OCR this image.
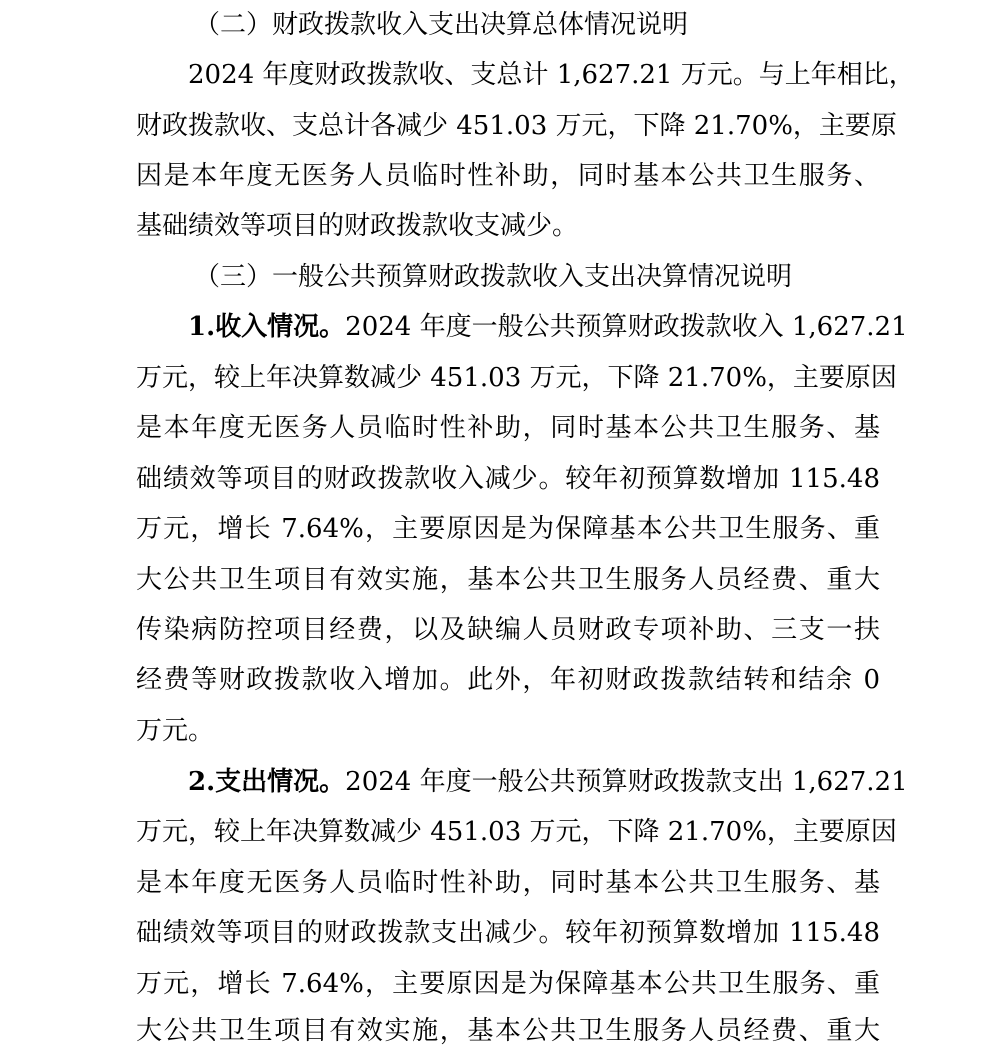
（二）财政拨款收入支出决算总体情况说明
2024 年度财政拨款收、支总计 1,627.21 万元。与上年相比，
财政拨款收、支总计各减少 451.03 万元，下降 21.70%，主要原
因是本年度无医务人员临时性补助，同时基本公共卫生服务、
基础绩效等项目的财政拨款收支减少。
（三）一般公共预算财政拨款收入支出决算情况说明
1.收入情况。2024 年度一般公共预算财政拨款收入 1,627.21
万元，较上年决算数减少 451.03 万元，下降 21.70%，主要原因
是本年度无医务人员临时性补助，同时基本公共卫生服务、基
础绩效等项目的财政拨款收入减少。较年初预算数增加 115.48
万元，增长 7.64%，主要原因是为保障基本公共卫生服务、重
大公共卫生项目有效实施，基本公共卫生服务人员经费、重大
传染病防控项目经费，以及缺编人员财政专项补助、三支一扶
经费等财政拨款收入增加。此外，年初财政拨款结转和结余 0
万元。
2.支出情况。2024 年度一般公共预算财政拨款支出 1,627.21
万元，较上年决算数减少 451.03 万元，下降 21.70%，主要原因
是本年度无医务人员临时性补助，同时基本公共卫生服务、基
础绩效等项目的财政拨款支出减少。较年初预算数增加 115.48
万元，增长 7.64%，主要原因是为保障基本公共卫生服务、重
大公共卫生项目有效实施，基本公共卫生服务人员经费、重大
